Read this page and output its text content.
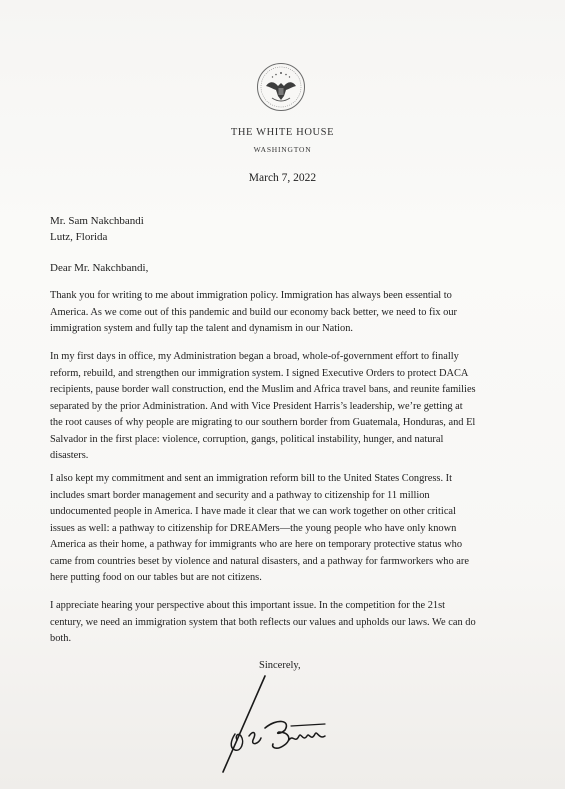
THE WHITE HOUSE
WASHINGTON
March 7, 2022
Mr. Sam Nakchbandi
Lutz, Florida
Dear Mr. Nakchbandi,
Thank you for writing to me about immigration policy. Immigration has always been essential to
America. As we come out of this pandemic and build our economy back better, we need to fix our
immigration system and fully tap the talent and dynamism in our Nation.
In my first days in office, my Administration began a broad, whole-of-government effort to finally
reform, rebuild, and strengthen our immigration system. I signed Executive Orders to protect DACA
recipients, pause border wall construction, end the Muslim and Africa travel bans, and reunite families
separated by the prior Administration. And with Vice President Harris’s leadership, we’re getting at
the root causes of why people are migrating to our southern border from Guatemala, Honduras, and El
Salvador in the first place: violence, corruption, gangs, political instability, hunger, and natural
disasters.
I also kept my commitment and sent an immigration reform bill to the United States Congress. It
includes smart border management and security and a pathway to citizenship for 11 million
undocumented people in America. I have made it clear that we can work together on other critical
issues as well: a pathway to citizenship for DREAMers—the young people who have only known
America as their home, a pathway for immigrants who are here on temporary protective status who
came from countries beset by violence and natural disasters, and a pathway for farmworkers who are
here putting food on our tables but are not citizens.
I appreciate hearing your perspective about this important issue. In the competition for the 21st
century, we need an immigration system that both reflects our values and upholds our laws. We can do
both.
Sincerely,
